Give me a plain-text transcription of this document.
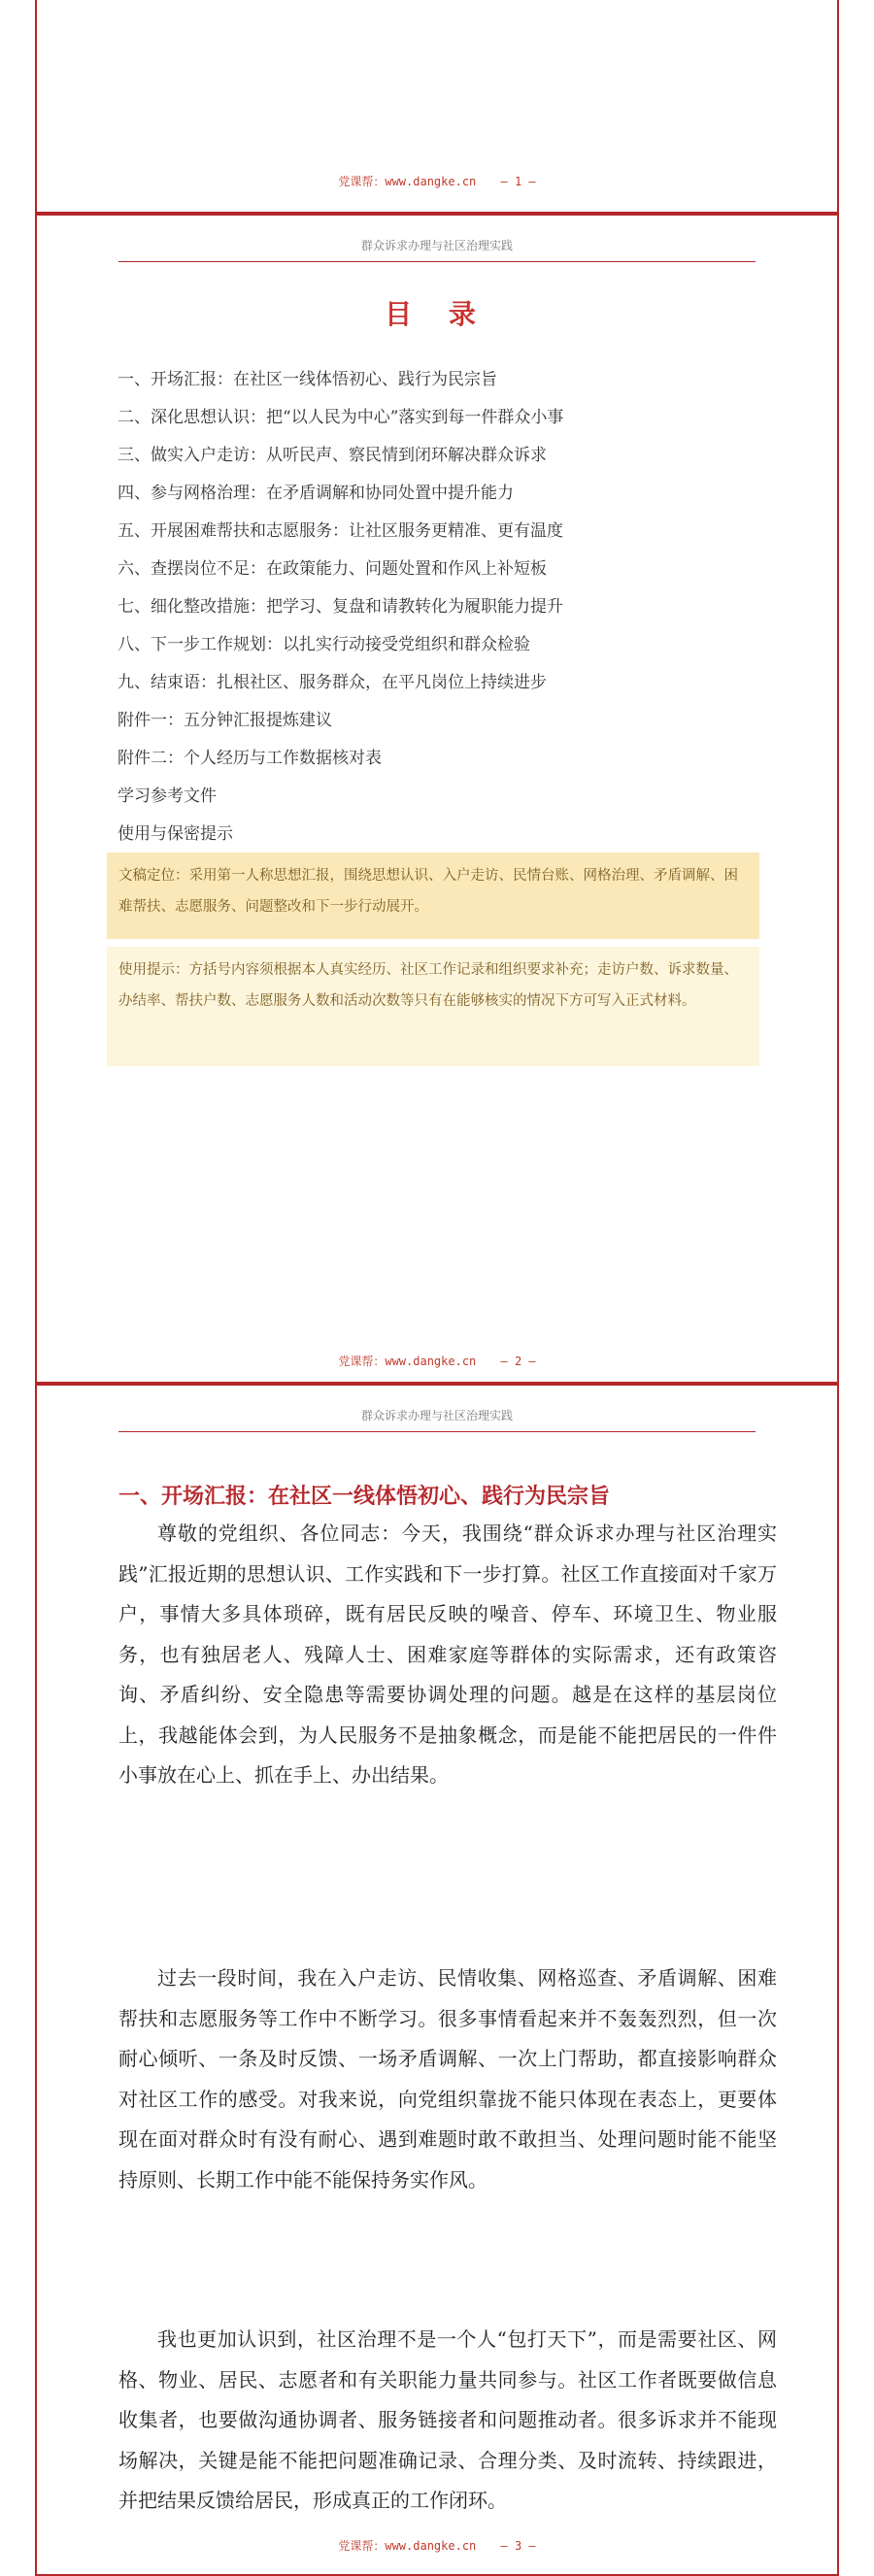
党课帮：www.dangke.cn — 1 —
群众诉求办理与社区治理实践
目 录
一、开场汇报：在社区一线体悟初心、践行为民宗旨
二、深化思想认识：把“以人民为中心”落实到每一件群众小事
三、做实入户走访：从听民声、察民情到闭环解决群众诉求
四、参与网格治理：在矛盾调解和协同处置中提升能力
五、开展困难帮扶和志愿服务：让社区服务更精准、更有温度
六、查摆岗位不足：在政策能力、问题处置和作风上补短板
七、细化整改措施：把学习、复盘和请教转化为履职能力提升
八、下一步工作规划：以扎实行动接受党组织和群众检验
九、结束语：扎根社区、服务群众，在平凡岗位上持续进步
附件一：五分钟汇报提炼建议
附件二：个人经历与工作数据核对表
学习参考文件
使用与保密提示
文稿定位：采用第一人称思想汇报，围绕思想认识、入户走访、民情台账、网格治理、矛盾调解、困难帮扶、志愿服务、问题整改和下一步行动展开。
使用提示：方括号内容须根据本人真实经历、社区工作记录和组织要求补充；走访户数、诉求数量、办结率、帮扶户数、志愿服务人数和活动次数等只有在能够核实的情况下方可写入正式材料。
党课帮：www.dangke.cn — 2 —
群众诉求办理与社区治理实践
一、开场汇报：在社区一线体悟初心、践行为民宗旨

尊敬的党组织、各位同志：今天，我围绕“群众诉求办理与社区治理实践”汇报近期的思想认识、工作实践和下一步打算。社区工作直接面对千家万户，事情大多具体琐碎，既有居民反映的噪音、停车、环境卫生、物业服务，也有独居老人、残障人士、困难家庭等群体的实际需求，还有政策咨询、矛盾纠纷、安全隐患等需要协调处理的问题。越是在这样的基层岗位上，我越能体会到，为人民服务不是抽象概念，而是能不能把居民的一件件小事放在心上、抓在手上、办出结果。

过去一段时间，我在入户走访、民情收集、网格巡查、矛盾调解、困难帮扶和志愿服务等工作中不断学习。很多事情看起来并不轰轰烈烈，但一次耐心倾听、一条及时反馈、一场矛盾调解、一次上门帮助，都直接影响群众对社区工作的感受。对我来说，向党组织靠拢不能只体现在表态上，更要体现在面对群众时有没有耐心、遇到难题时敢不敢担当、处理问题时能不能坚持原则、长期工作中能不能保持务实作风。

我也更加认识到，社区治理不是一个人“包打天下”，而是需要社区、网格、物业、居民、志愿者和有关职能力量共同参与。社区工作者既要做信息收集者，也要做沟通协调者、服务链接者和问题推动者。很多诉求并不能现场解决，关键是能不能把问题准确记录、合理分类、及时流转、持续跟进，并把结果反馈给居民，形成真正的工作闭环。

党课帮：www.dangke.cn — 3 —
